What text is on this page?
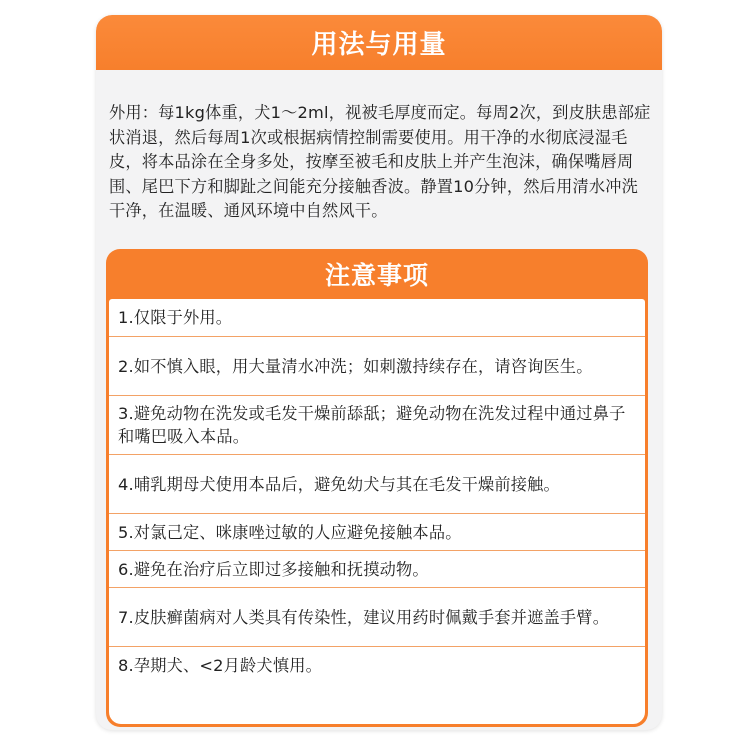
用法与用量

外用：每1kg体重，犬1～2ml，视被毛厚度而定。每周2次，到皮肤患部症状消退，然后每周1次或根据病情控制需要使用。用干净的水彻底浸湿毛皮，将本品涂在全身多处，按摩至被毛和皮肤上并产生泡沫，确保嘴唇周围、尾巴下方和脚趾之间能充分接触香波。静置10分钟，然后用清水冲洗干净，在温暖、通风环境中自然风干。

注意事项
1.仅限于外用。
2.如不慎入眼，用大量清水冲洗；如刺激持续存在，请咨询医生。
3.避免动物在洗发或毛发干燥前舔舐；避免动物在洗发过程中通过鼻子和嘴巴吸入本品。
4.哺乳期母犬使用本品后，避免幼犬与其在毛发干燥前接触。
5.对氯己定、咪康唑过敏的人应避免接触本品。
6.避免在治疗后立即过多接触和抚摸动物。
7.皮肤癣菌病对人类具有传染性，建议用药时佩戴手套并遮盖手臂。
8.孕期犬、<2月龄犬慎用。
